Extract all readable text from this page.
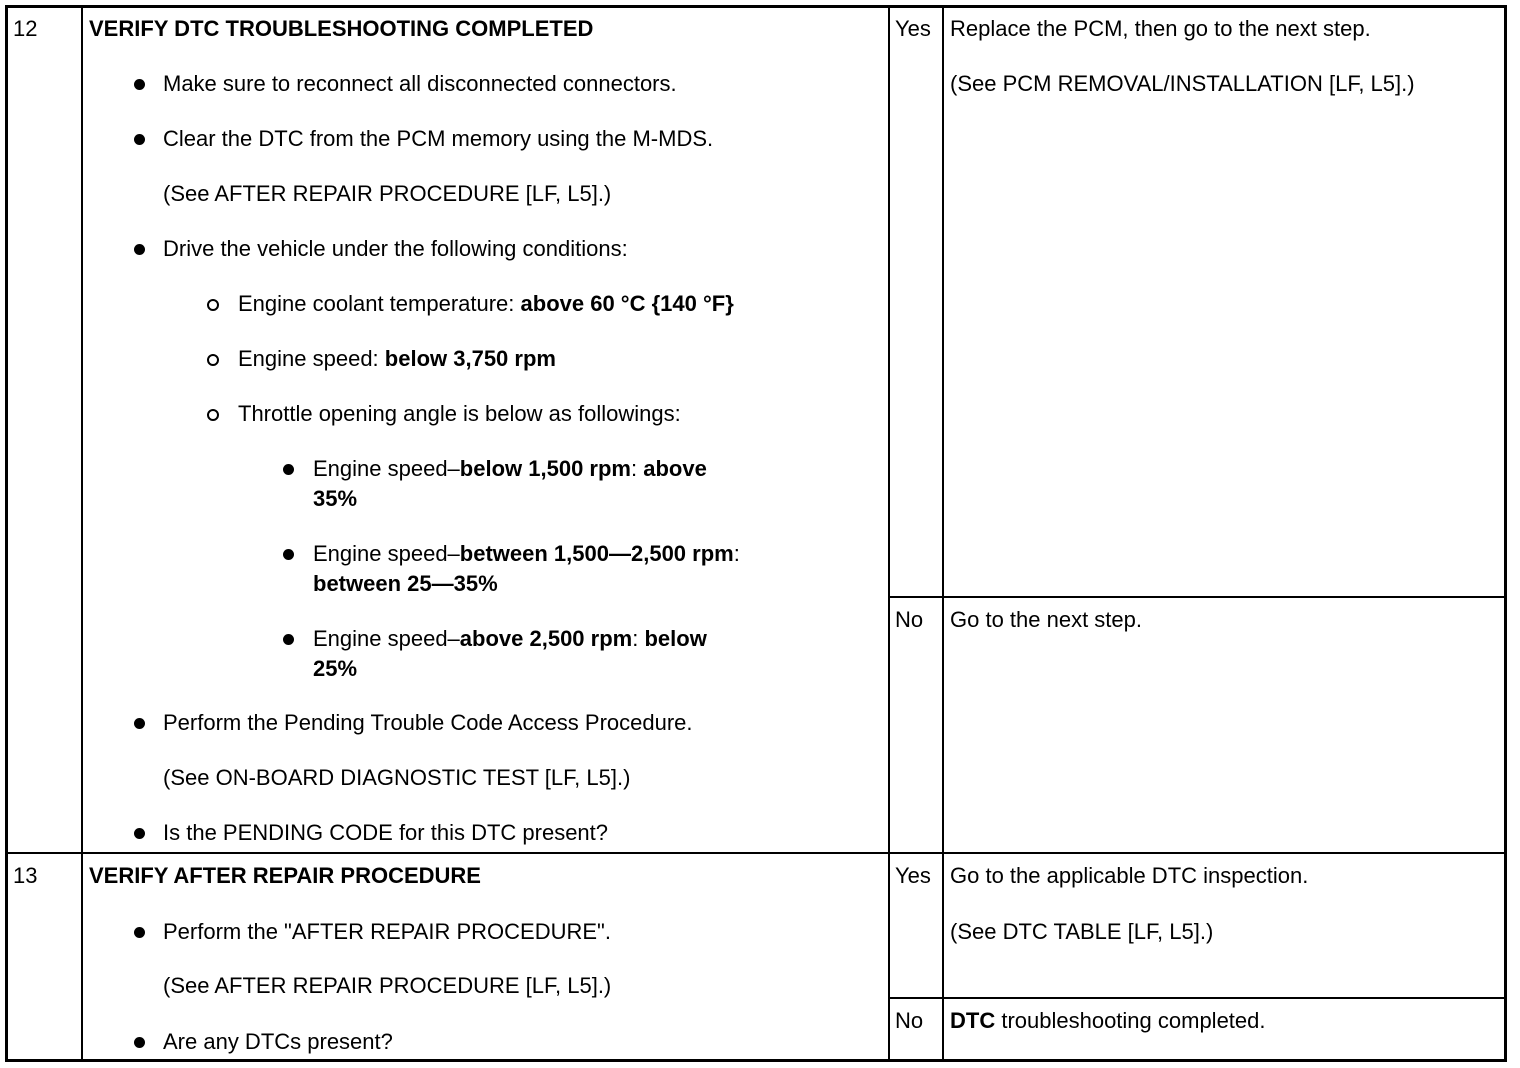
12 VERIFY DTC TROUBLESHOOTING COMPLETED
Make sure to reconnect all disconnected connectors.
Clear the DTC from the PCM memory using the M-MDS.
(See AFTER REPAIR PROCEDURE [LF, L5].)
Drive the vehicle under the following conditions:
Engine coolant temperature: above 60 °C {140 °F}
Engine speed: below 3,750 rpm
Throttle opening angle is below as followings:
Engine speed–below 1,500 rpm: above
35%
Engine speed–between 1,500—2,500 rpm:
between 25—35%
Engine speed–above 2,500 rpm: below
25%
Perform the Pending Trouble Code Access Procedure.
(See ON-BOARD DIAGNOSTIC TEST [LF, L5].)
Is the PENDING CODE for this DTC present?
Yes Replace the PCM, then go to the next step.
(See PCM REMOVAL/INSTALLATION [LF, L5].)
No Go to the next step.
13 VERIFY AFTER REPAIR PROCEDURE
Perform the "AFTER REPAIR PROCEDURE".
(See AFTER REPAIR PROCEDURE [LF, L5].)
Are any DTCs present?
Yes Go to the applicable DTC inspection.
(See DTC TABLE [LF, L5].)
No DTC troubleshooting completed.
